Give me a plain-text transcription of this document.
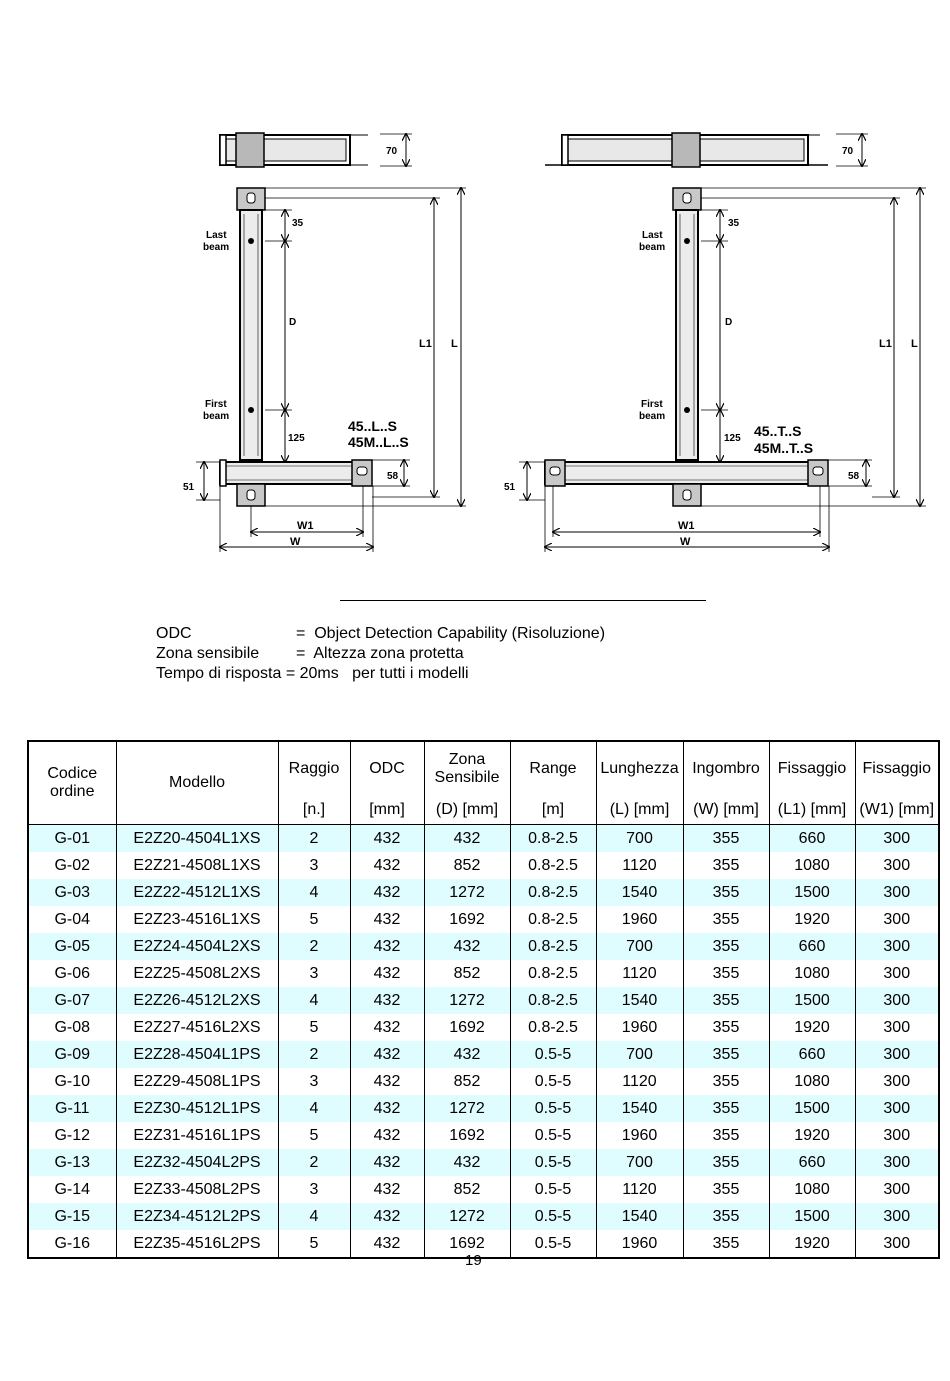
70
Last
beam
First
beam
35
D
125
45..L..S
45M..L..S
58
51
L1 L
W1
W
70
Last
beam
First
beam
35
D
125 45..T..S
45M..T..S
58
51
L1 L
W1
W
ODC	=  Object Detection Capability (Risoluzione)
Zona sensibile =  Altezza zona protetta
Tempo di risposta = 20ms   per tutti i modelli
Codice ordine	Modello	Raggio	ODC	Zona Sensibile	Range	Lunghezza	Ingombro	Fissaggio	Fissaggio
		[n.]	[mm]	(D) [mm]	[m]	(L) [mm]	(W) [mm]	(L1) [mm]	(W1) [mm]
G-01	E2Z20-4504L1XS	2	432	432	0.8-2.5	700	355	660	300
G-02	E2Z21-4508L1XS	3	432	852	0.8-2.5	1120	355	1080	300
G-03	E2Z22-4512L1XS	4	432	1272	0.8-2.5	1540	355	1500	300
G-04	E2Z23-4516L1XS	5	432	1692	0.8-2.5	1960	355	1920	300
G-05	E2Z24-4504L2XS	2	432	432	0.8-2.5	700	355	660	300
G-06	E2Z25-4508L2XS	3	432	852	0.8-2.5	1120	355	1080	300
G-07	E2Z26-4512L2XS	4	432	1272	0.8-2.5	1540	355	1500	300
G-08	E2Z27-4516L2XS	5	432	1692	0.8-2.5	1960	355	1920	300
G-09	E2Z28-4504L1PS	2	432	432	0.5-5	700	355	660	300
G-10	E2Z29-4508L1PS	3	432	852	0.5-5	1120	355	1080	300
G-11	E2Z30-4512L1PS	4	432	1272	0.5-5	1540	355	1500	300
G-12	E2Z31-4516L1PS	5	432	1692	0.5-5	1960	355	1920	300
G-13	E2Z32-4504L2PS	2	432	432	0.5-5	700	355	660	300
G-14	E2Z33-4508L2PS	3	432	852	0.5-5	1120	355	1080	300
G-15	E2Z34-4512L2PS	4	432	1272	0.5-5	1540	355	1500	300
G-16	E2Z35-4516L2PS	5	432	1692	0.5-5	1960	355	1920	300
19
